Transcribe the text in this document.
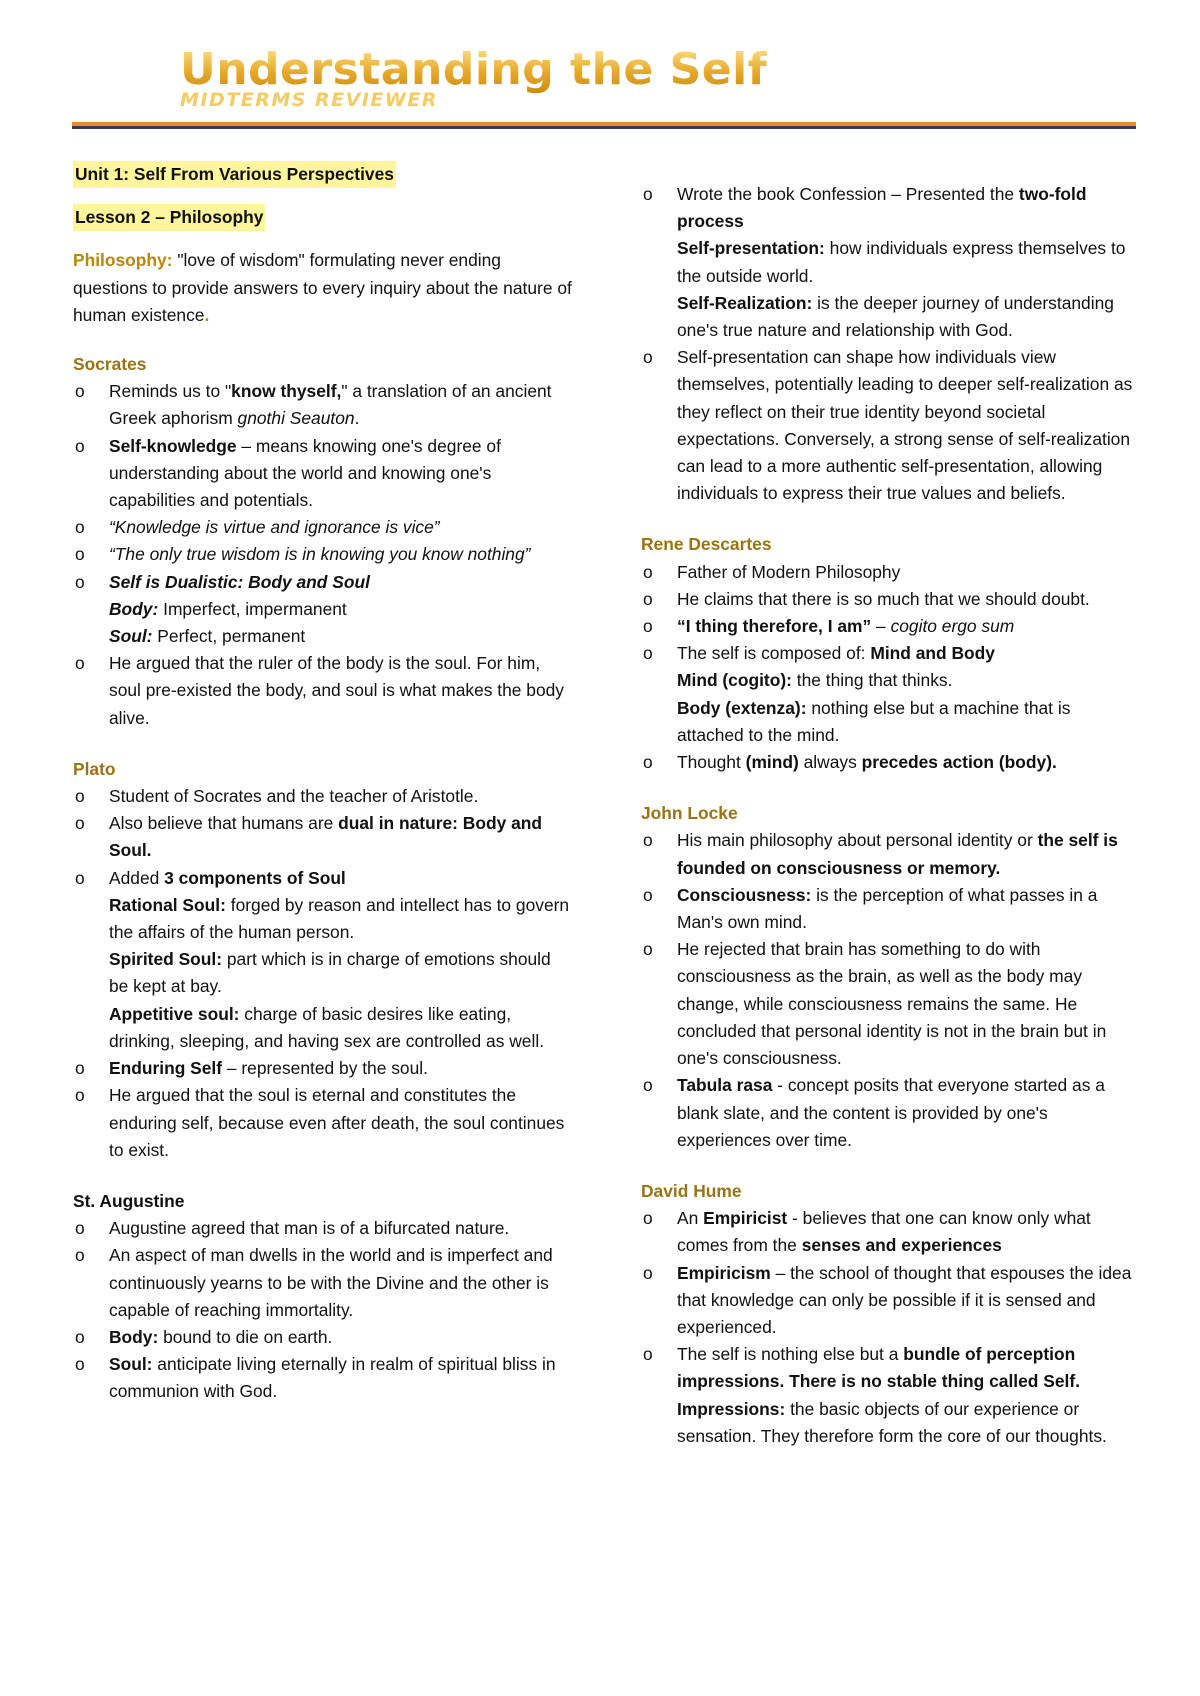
Understanding the Self
MIDTERMS REVIEWER
Unit 1: Self From Various Perspectives
Lesson 2 – Philosophy
Philosophy: "love of wisdom" formulating never ending questions to provide answers to every inquiry about the nature of human existence.
Socrates
o Reminds us to "know thyself," a translation of an ancient Greek aphorism gnothi Seauton.
o Self-knowledge – means knowing one's degree of understanding about the world and knowing one's capabilities and potentials.
o “Knowledge is virtue and ignorance is vice”
o “The only true wisdom is in knowing you know nothing”
o Self is Dualistic: Body and Soul
Body: Imperfect, impermanent
Soul: Perfect, permanent
o He argued that the ruler of the body is the soul. For him, soul pre-existed the body, and soul is what makes the body alive.
Plato
o Student of Socrates and the teacher of Aristotle.
o Also believe that humans are dual in nature: Body and Soul.
o Added 3 components of Soul
Rational Soul: forged by reason and intellect has to govern the affairs of the human person.
Spirited Soul: part which is in charge of emotions should be kept at bay.
Appetitive soul: charge of basic desires like eating, drinking, sleeping, and having sex are controlled as well.
o Enduring Self – represented by the soul.
o He argued that the soul is eternal and constitutes the enduring self, because even after death, the soul continues to exist.
St. Augustine
o Augustine agreed that man is of a bifurcated nature.
o An aspect of man dwells in the world and is imperfect and continuously yearns to be with the Divine and the other is capable of reaching immortality.
o Body: bound to die on earth.
o Soul: anticipate living eternally in realm of spiritual bliss in communion with God.
o Wrote the book Confession – Presented the two-fold process
Self-presentation: how individuals express themselves to the outside world.
Self-Realization: is the deeper journey of understanding one's true nature and relationship with God.
o Self-presentation can shape how individuals view themselves, potentially leading to deeper self-realization as they reflect on their true identity beyond societal expectations. Conversely, a strong sense of self-realization can lead to a more authentic self-presentation, allowing individuals to express their true values and beliefs.
Rene Descartes
o Father of Modern Philosophy
o He claims that there is so much that we should doubt.
o “I thing therefore, I am” – cogito ergo sum
o The self is composed of: Mind and Body
Mind (cogito): the thing that thinks.
Body (extenza): nothing else but a machine that is attached to the mind.
o Thought (mind) always precedes action (body).
John Locke
o His main philosophy about personal identity or the self is founded on consciousness or memory.
o Consciousness: is the perception of what passes in a Man's own mind.
o He rejected that brain has something to do with consciousness as the brain, as well as the body may change, while consciousness remains the same. He concluded that personal identity is not in the brain but in one's consciousness.
o Tabula rasa - concept posits that everyone started as a blank slate, and the content is provided by one's experiences over time.
David Hume
o An Empiricist - believes that one can know only what comes from the senses and experiences
o Empiricism – the school of thought that espouses the idea that knowledge can only be possible if it is sensed and experienced.
o The self is nothing else but a bundle of perception impressions. There is no stable thing called Self.
Impressions: the basic objects of our experience or sensation. They therefore form the core of our thoughts.
